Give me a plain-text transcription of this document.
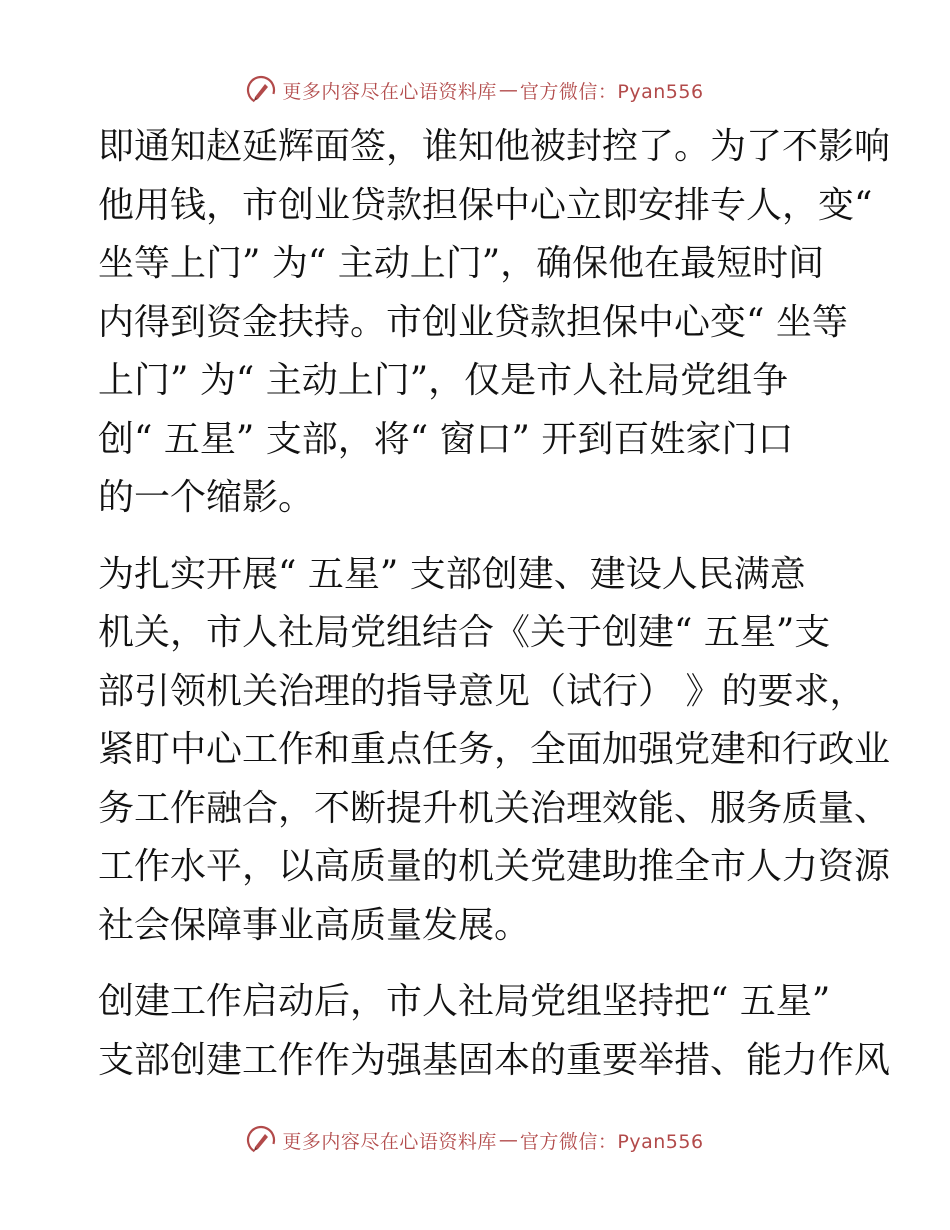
更多内容尽在心语资料库 — 官方微信：Pyan556
即通知赵延辉面签，谁知他被封控了。为了不影响
他用钱，市创业贷款担保中心立即安排专人，变“
坐等上门” 为“ 主动上门”，确保他在最短时间
内得到资金扶持。市创业贷款担保中心变“ 坐等
上门” 为“ 主动上门”，仅是市人社局党组争
创“ 五星” 支部，将“ 窗口” 开到百姓家门口
的一个缩影。
为扎实开展“ 五星” 支部创建、建设人民满意
机关，市人社局党组结合《关于创建“ 五星”支
部引领机关治理的指导意见（试行） 》的要求，
紧盯中心工作和重点任务，全面加强党建和行政业
务工作融合，不断提升机关治理效能、服务质量、
工作水平，以高质量的机关党建助推全市人力资源
社会保障事业高质量发展。
创建工作启动后，市人社局党组坚持把“ 五星”
支部创建工作作为强基固本的重要举措、能力作风
更多内容尽在心语资料库 — 官方微信：Pyan556
